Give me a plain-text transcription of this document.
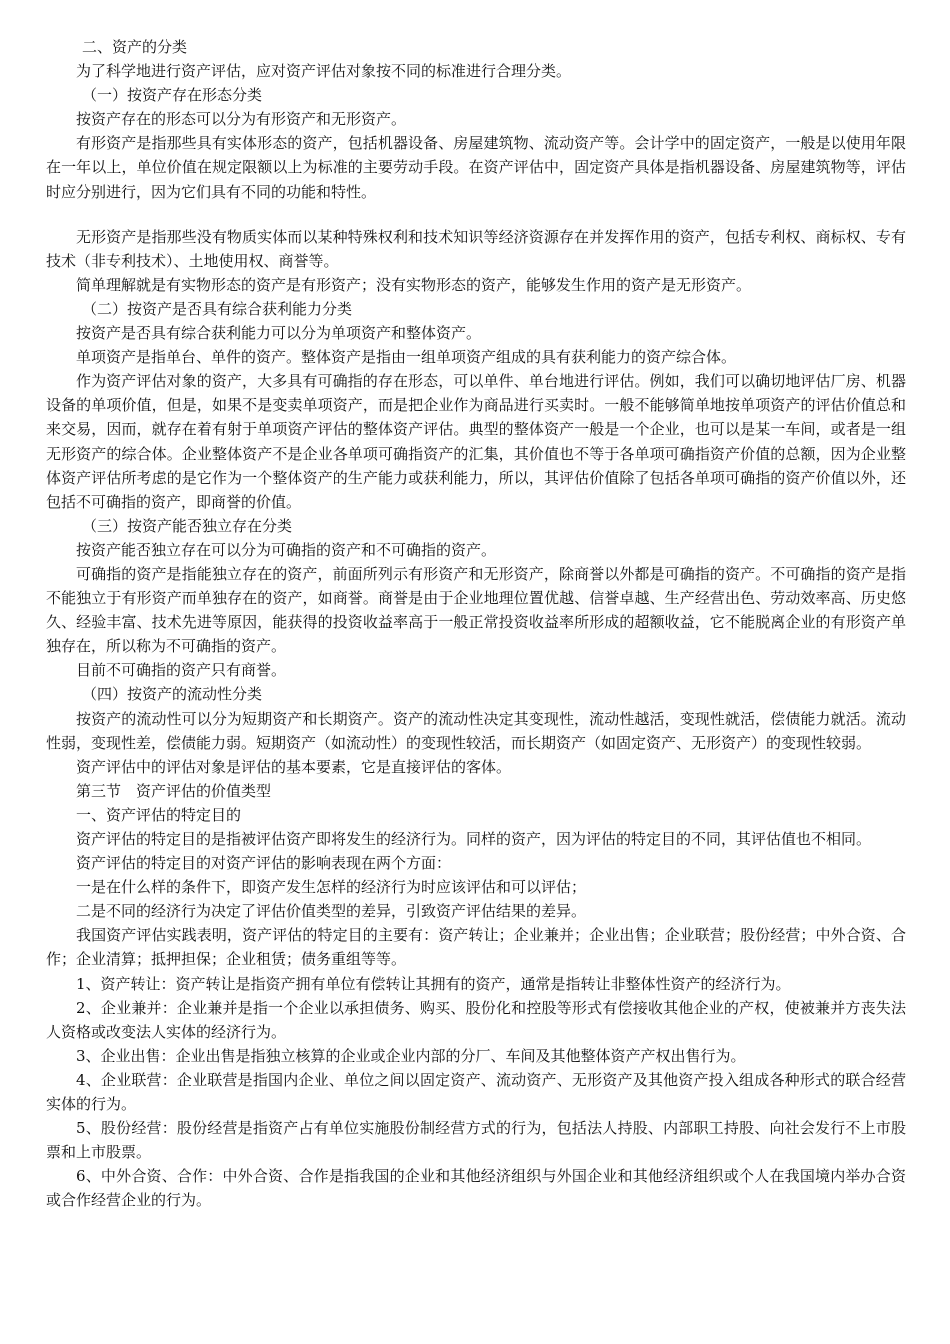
二、资产的分类

为了科学地进行资产评估，应对资产评估对象按不同的标准进行合理分类。

（一）按资产存在形态分类

按资产存在的形态可以分为有形资产和无形资产。

有形资产是指那些具有实体形态的资产，包括机器设备、房屋建筑物、流动资产等。会计学中的固定资产，一般是以使用年限在一年以上，单位价值在规定限额以上为标准的主要劳动手段。在资产评估中，固定资产具体是指机器设备、房屋建筑物等，评估时应分别进行，因为它们具有不同的功能和特性。

无形资产是指那些没有物质实体而以某种特殊权利和技术知识等经济资源存在并发挥作用的资产，包括专利权、商标权、专有技术（非专利技术）、土地使用权、商誉等。

简单理解就是有实物形态的资产是有形资产；没有实物形态的资产，能够发生作用的资产是无形资产。

（二）按资产是否具有综合获利能力分类

按资产是否具有综合获利能力可以分为单项资产和整体资产。

单项资产是指单台、单件的资产。整体资产是指由一组单项资产组成的具有获利能力的资产综合体。

作为资产评估对象的资产，大多具有可确指的存在形态，可以单件、单台地进行评估。例如，我们可以确切地评估厂房、机器设备的单项价值，但是，如果不是变卖单项资产，而是把企业作为商品进行买卖时。一般不能够简单地按单项资产的评估价值总和来交易，因而，就存在着有射于单项资产评估的整体资产评估。典型的整体资产一般是一个企业，也可以是某一车间，或者是一组无形资产的综合体。企业整体资产不是企业各单项可确指资产的汇集，其价值也不等于各单项可确指资产价值的总额，因为企业整体资产评估所考虑的是它作为一个整体资产的生产能力或获利能力，所以，其评估价值除了包括各单项可确指的资产价值以外，还包括不可确指的资产，即商誉的价值。

（三）按资产能否独立存在分类

按资产能否独立存在可以分为可确指的资产和不可确指的资产。

可确指的资产是指能独立存在的资产，前面所列示有形资产和无形资产，除商誉以外都是可确指的资产。不可确指的资产是指不能独立于有形资产而单独存在的资产，如商誉。商誉是由于企业地理位置优越、信誉卓越、生产经营出色、劳动效率高、历史悠久、经验丰富、技术先进等原因，能获得的投资收益率高于一般正常投资收益率所形成的超额收益，它不能脱离企业的有形资产单独存在，所以称为不可确指的资产。

目前不可确指的资产只有商誉。

（四）按资产的流动性分类

按资产的流动性可以分为短期资产和长期资产。资产的流动性决定其变现性，流动性越活，变现性就活，偿债能力就活。流动性弱，变现性差，偿债能力弱。短期资产（如流动性）的变现性较活，而长期资产（如固定资产、无形资产）的变现性较弱。

资产评估中的评估对象是评估的基本要素，它是直接评估的客体。

第三节　资产评估的价值类型

一、资产评估的特定目的

资产评估的特定目的是指被评估资产即将发生的经济行为。同样的资产，因为评估的特定目的不同，其评估值也不相同。

资产评估的特定目的对资产评估的影响表现在两个方面：

一是在什么样的条件下，即资产发生怎样的经济行为时应该评估和可以评估；

二是不同的经济行为决定了评估价值类型的差异，引致资产评估结果的差异。

我国资产评估实践表明，资产评估的特定目的主要有：资产转让；企业兼并；企业出售；企业联营；股份经营；中外合资、合作；企业清算；抵押担保；企业租赁；债务重组等等。

1、资产转让：资产转让是指资产拥有单位有偿转让其拥有的资产，通常是指转让非整体性资产的经济行为。

2、企业兼并：企业兼并是指一个企业以承担债务、购买、股份化和控股等形式有偿接收其他企业的产权，使被兼并方丧失法人资格或改变法人实体的经济行为。

3、企业出售：企业出售是指独立核算的企业或企业内部的分厂、车间及其他整体资产产权出售行为。

4、企业联营：企业联营是指国内企业、单位之间以固定资产、流动资产、无形资产及其他资产投入组成各种形式的联合经营实体的行为。

5、股份经营：股份经营是指资产占有单位实施股份制经营方式的行为，包括法人持股、内部职工持股、向社会发行不上市股票和上市股票。

6、中外合资、合作：中外合资、合作是指我国的企业和其他经济组织与外国企业和其他经济组织或个人在我国境内举办合资或合作经营企业的行为。
